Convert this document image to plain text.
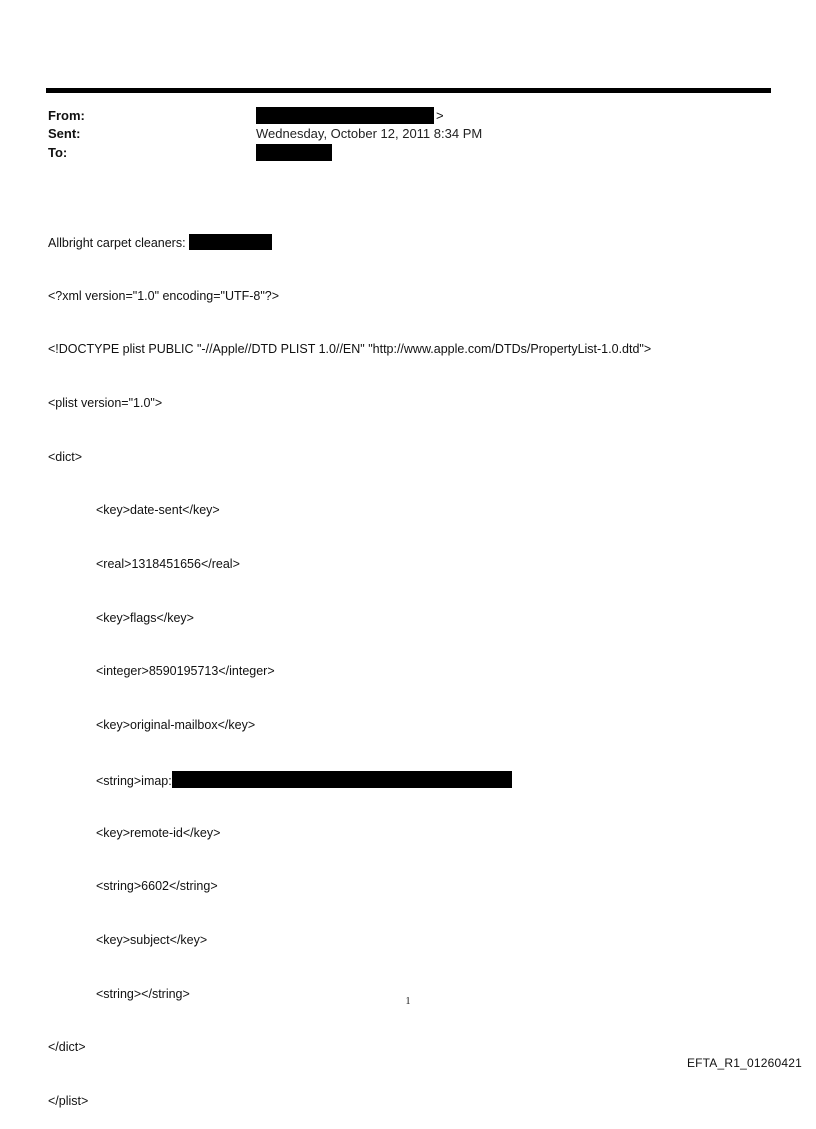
From:	>
Sent:	Wednesday, October 12, 2011 8:34 PM
To:

Allbright carpet cleaners:

<?xml version="1.0" encoding="UTF-8"?>

<!DOCTYPE plist PUBLIC "-//Apple//DTD PLIST 1.0//EN" "http://www.apple.com/DTDs/PropertyList-1.0.dtd">

<plist version="1.0">

<dict>

<key>date-sent</key>

<real>1318451656</real>

<key>flags</key>

<integer>8590195713</integer>

<key>original-mailbox</key>

<string>imap:

<key>remote-id</key>

<string>6602</string>

<key>subject</key>

<string></string>

</dict>

</plist>

1
EFTA_R1_01260421
